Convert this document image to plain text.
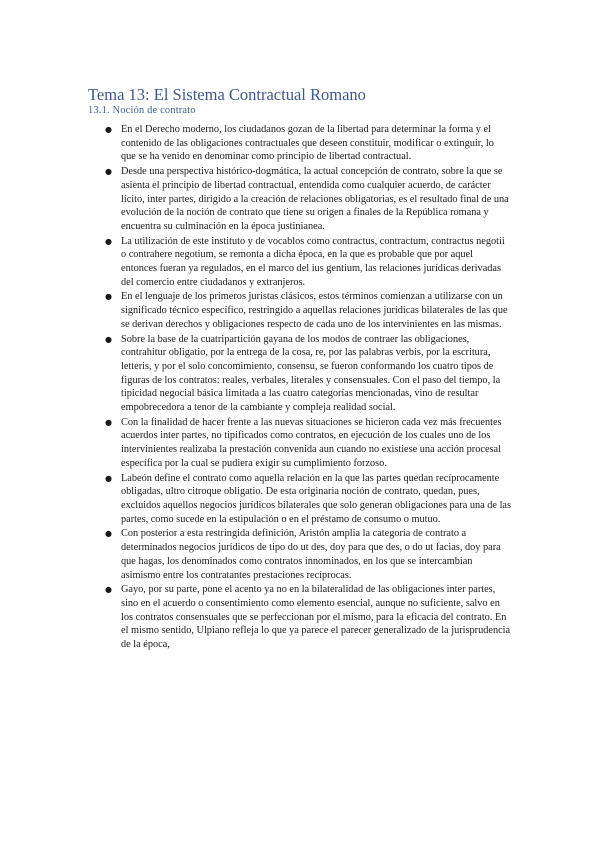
Tema 13: El Sistema Contractual Romano
13.1. Noción de contrato
● En el Derecho moderno, los ciudadanos gozan de la libertad para determinar la forma y el contenido de las obligaciones contractuales que deseen constituir, modificar o extinguir, lo que se ha venido en denominar como principio de libertad contractual.
● Desde una perspectiva histórico-dogmática, la actual concepción de contrato, sobre la que se asienta el principio de libertad contractual, entendida como cualquier acuerdo, de carácter lícito, inter partes, dirigido a la creación de relaciones obligatorias, es el resultado final de una evolución de la noción de contrato que tiene su origen a finales de la República romana y encuentra su culminación en la época justinianea.
● La utilización de este instituto y de vocablos como contractus, contractum, contractus negotii o contrahere negotium, se remonta a dicha época, en la que es probable que por aquel entonces fueran ya regulados, en el marco del ius gentium, las relaciones jurídicas derivadas del comercio entre ciudadanos y extranjeros.
● En el lenguaje de los primeros juristas clásicos, estos términos comienzan a utilizarse con un significado técnico específico, restringido a aquellas relaciones jurídicas bilaterales de las que se derivan derechos y obligaciones respecto de cada uno de los intervinientes en las mismas.
● Sobre la base de la cuatripartición gayana de los modos de contraer las obligaciones, contrahitur obligatio, por la entrega de la cosa, re, por las palabras verbis, por la escritura, letteris, y por el solo concomimiento, consensu, se fueron conformando los cuatro tipos de figuras de los contratos: reales, verbales, literales y consensuales. Con el paso del tiempo, la tipicidad negocial básica limitada a las cuatro categorías mencionadas, vino de resultar empobrecedora a tenor de la cambiante y compleja realidad social.
● Con la finalidad de hacer frente a las nuevas situaciones se hicieron cada vez más frecuentes acuerdos inter partes, no tipificados como contratos, en ejecución de los cuales uno de los intervinientes realizaba la prestación convenida aun cuando no existiese una acción procesal específica por la cual se pudiera exigir su cumplimiento forzoso.
● Labeón define el contrato como aquella relación en la que las partes quedan recíprocamente obligadas, ultro citroque obligatio. De esta originaria noción de contrato, quedan, pues, excluidos aquellos negocios jurídicos bilaterales que solo generan obligaciones para una de las partes, como sucede en la estipulación o en el préstamo de consumo o mutuo.
● Con posterior a esta restringida definición, Aristón amplia la categoría de contrato a determinados negocios jurídicos de tipo do ut des, doy para que des, o do ut facias, doy para que hagas, los denominados como contratos innominados, en los que se intercambian asimismo entre los contratantes prestaciones recíprocas.
● Gayo, por su parte, pone el acento ya no en la bilateralidad de las obligaciones inter partes, sino en el acuerdo o consentimiento como elemento esencial, aunque no suficiente, salvo en los contratos consensuales que se perfeccionan por el mismo, para la eficacia del contrato. En el mismo sentido, Ulpiano refleja lo que ya parece el parecer generalizado de la jurisprudencia de la época,
